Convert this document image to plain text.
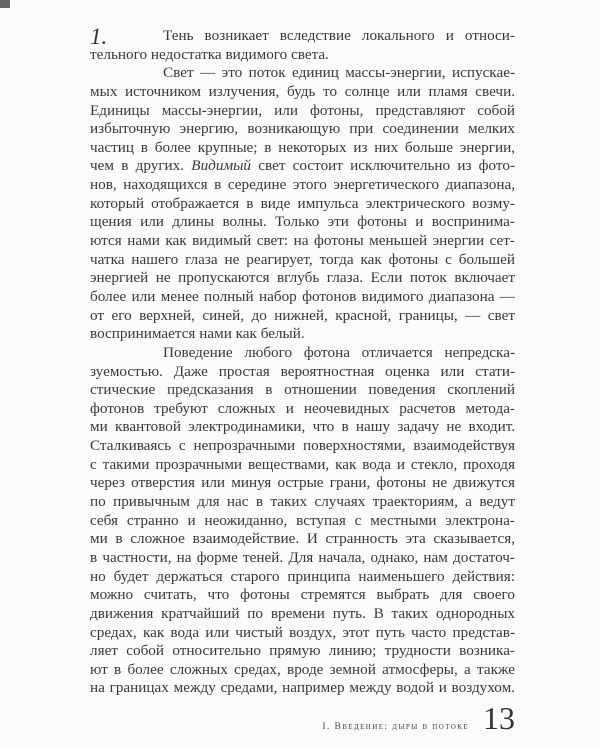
1.	Тень возникает вследствие локального и относи-
тельного недостатка видимого света.
Свет — это поток единиц массы-энергии, испускае-
мых источником излучения, будь то солнце или пламя свечи.
Единицы массы-энергии, или фотоны, представляют собой
избыточную энергию, возникающую при соединении мелких
частиц в более крупные; в некоторых из них больше энергии,
чем в других. Видимый свет состоит исключительно из фото-
нов, находящихся в середине этого энергетического диапазона,
который отображается в виде импульса электрического возму-
щения или длины волны. Только эти фотоны и воспринима-
ются нами как видимый свет: на фотоны меньшей энергии сет-
чатка нашего глаза не реагирует, тогда как фотоны с большей
энергией не пропускаются вглубь глаза. Если поток включает
более или менее полный набор фотонов видимого диапазона —
от его верхней, синей, до нижней, красной, границы, — свет
воспринимается нами как белый.
Поведение любого фотона отличается непредска-
зуемостью. Даже простая вероятностная оценка или стати-
стические предсказания в отношении поведения скоплений
фотонов требуют сложных и неочевидных расчетов метода-
ми квантовой электродинамики, что в нашу задачу не входит.
Сталкиваясь с непрозрачными поверхностями, взаимодействуя
с такими прозрачными веществами, как вода и стекло, проходя
через отверстия или минуя острые грани, фотоны не движутся
по привычным для нас в таких случаях траекториям, а ведут
себя странно и неожиданно, вступая с местными электрона-
ми в сложное взаимодействие. И странность эта сказывается,
в частности, на форме теней. Для начала, однако, нам достаточ-
но будет держаться старого принципа наименьшего действия:
можно считать, что фотоны стремятся выбрать для своего
движения кратчайший по времени путь. В таких однородных
средах, как вода или чистый воздух, этот путь часто представ-
ляет собой относительно прямую линию; трудности возника-
ют в более сложных средах, вроде земной атмосферы, а также
на границах между средами, например между водой и воздухом.
I. Введение: дыры в потоке 13
